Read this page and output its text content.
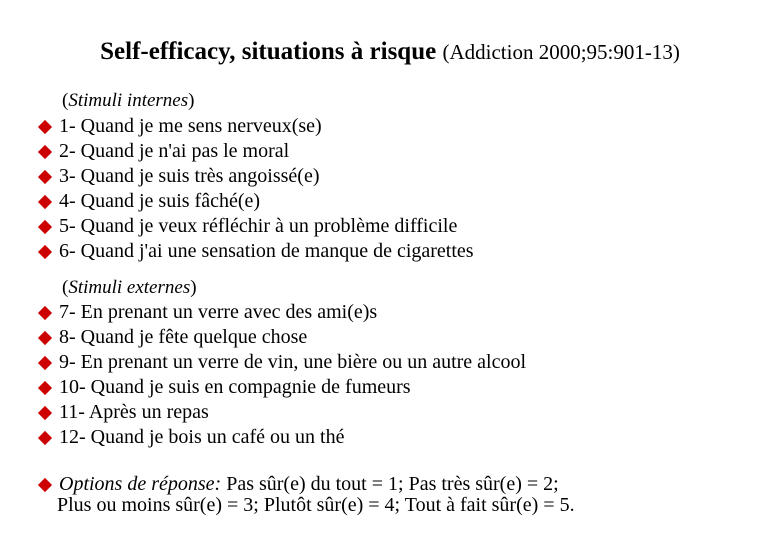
Self-efficacy, situations à risque (Addiction 2000;95:901-13)
(Stimuli internes)
1- Quand je me sens nerveux(se)
2- Quand je n'ai pas le moral
3- Quand je suis très angoissé(e)
4- Quand je suis fâché(e)
5- Quand je veux réfléchir à un problème difficile
6- Quand j'ai une sensation de manque de cigarettes
(Stimuli externes)
7- En prenant un verre avec des ami(e)s
8- Quand je fête quelque chose
9- En prenant un verre de vin, une bière ou un autre alcool
10- Quand je suis en compagnie de fumeurs
11- Après un repas
12- Quand je bois un café ou un thé
Options de réponse:
Pas sûr(e) du tout = 1; Pas très sûr(e) = 2;
Plus ou moins sûr(e) = 3; Plutôt sûr(e) = 4; Tout à fait sûr(e) = 5.
